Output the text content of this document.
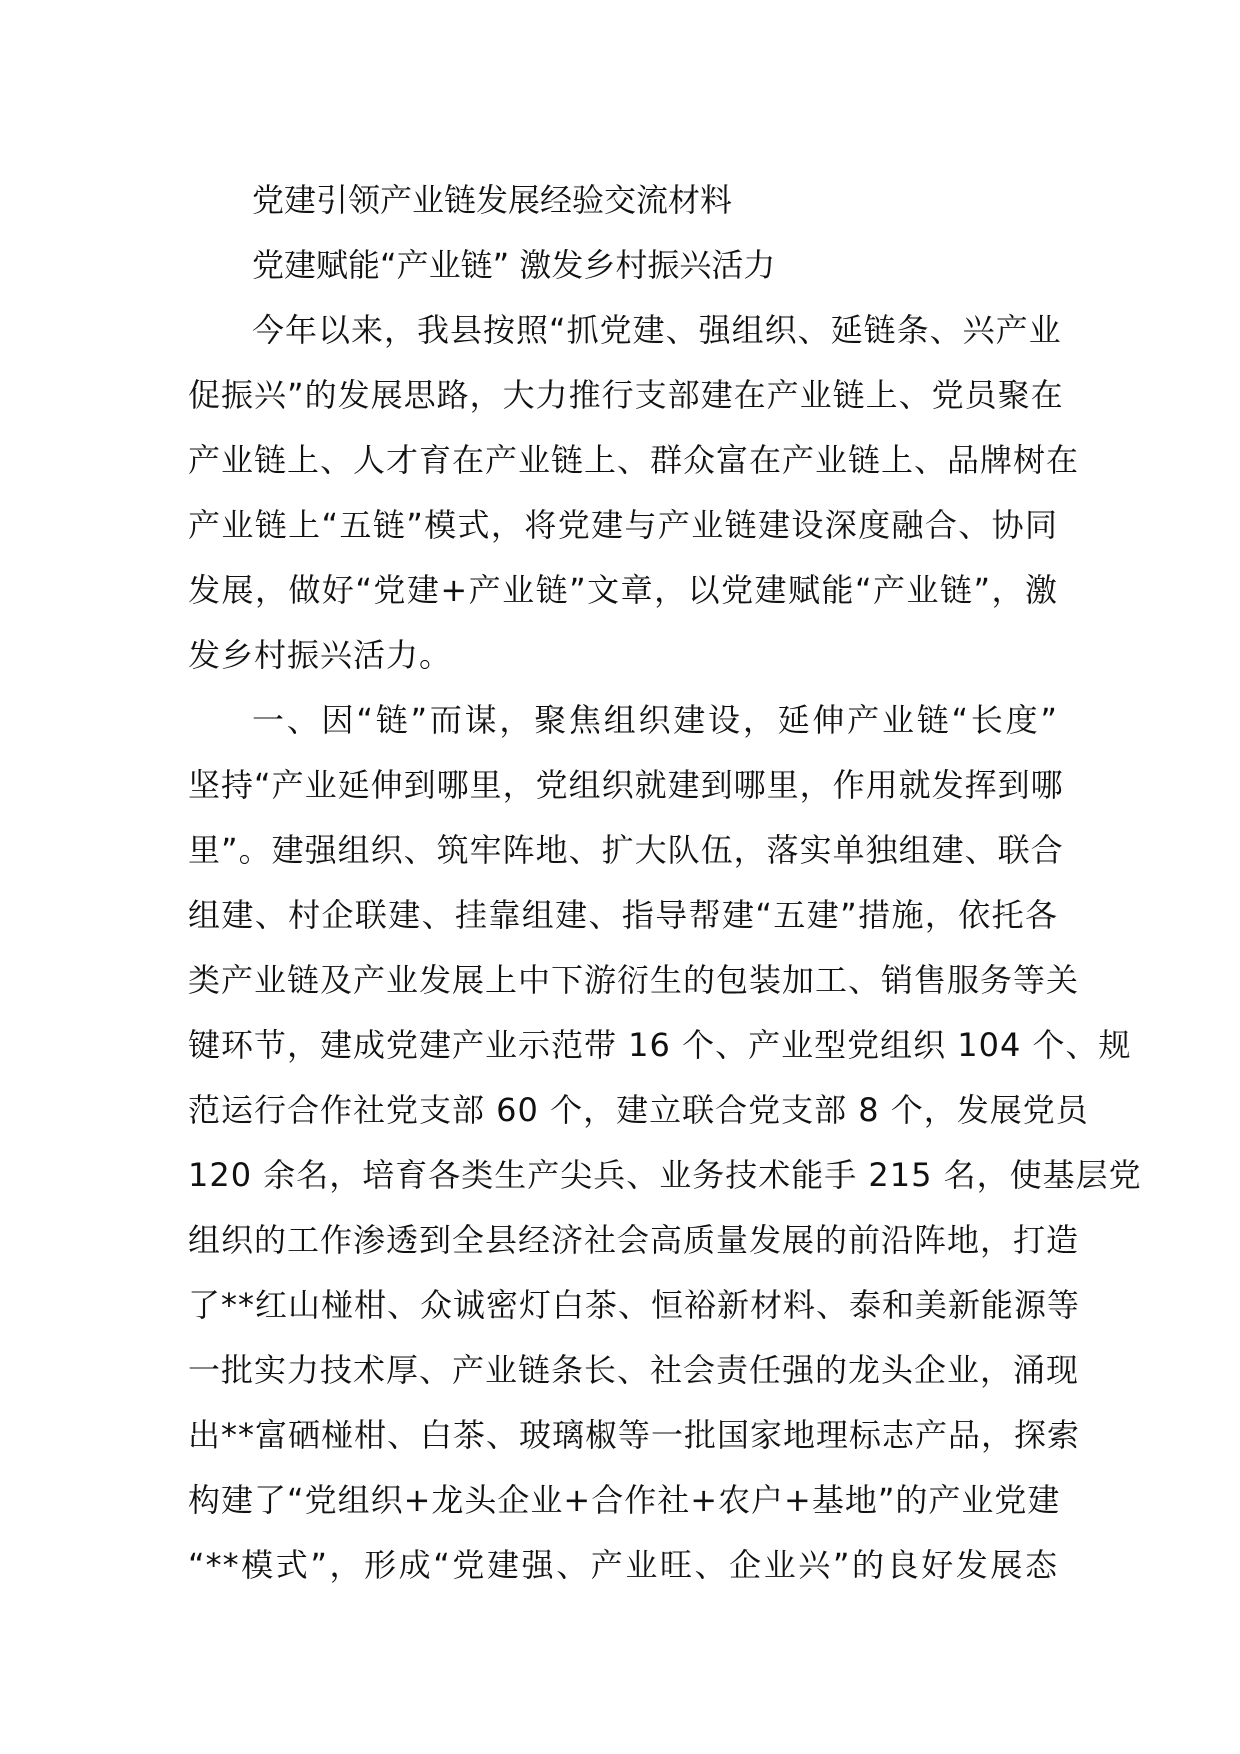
党建引领产业链发展经验交流材料
党建赋能“产业链” 激发乡村振兴活力
今年以来，我县按照“抓党建、强组织、延链条、兴产业
促振兴”的发展思路，大力推行支部建在产业链上、党员聚在
产业链上、人才育在产业链上、群众富在产业链上、品牌树在
产业链上“五链”模式，将党建与产业链建设深度融合、协同
发展，做好“党建+产业链”文章，以党建赋能“产业链”，激
发乡村振兴活力。
一、因“链”而谋，聚焦组织建设，延伸产业链“长度”
坚持“产业延伸到哪里，党组织就建到哪里，作用就发挥到哪
里”。建强组织、筑牢阵地、扩大队伍，落实单独组建、联合
组建、村企联建、挂靠组建、指导帮建“五建”措施，依托各
类产业链及产业发展上中下游衍生的包装加工、销售服务等关
键环节，建成党建产业示范带 16 个、产业型党组织 104 个、规
范运行合作社党支部 60 个，建立联合党支部 8 个，发展党员
120 余名，培育各类生产尖兵、业务技术能手 215 名，使基层党
组织的工作渗透到全县经济社会高质量发展的前沿阵地，打造
了**红山椪柑、众诚密灯白茶、恒裕新材料、泰和美新能源等
一批实力技术厚、产业链条长、社会责任强的龙头企业，涌现
出**富硒椪柑、白茶、玻璃椒等一批国家地理标志产品，探索
构建了“党组织+龙头企业+合作社+农户+基地”的产业党建
“**模式”，形成“党建强、产业旺、企业兴”的良好发展态
